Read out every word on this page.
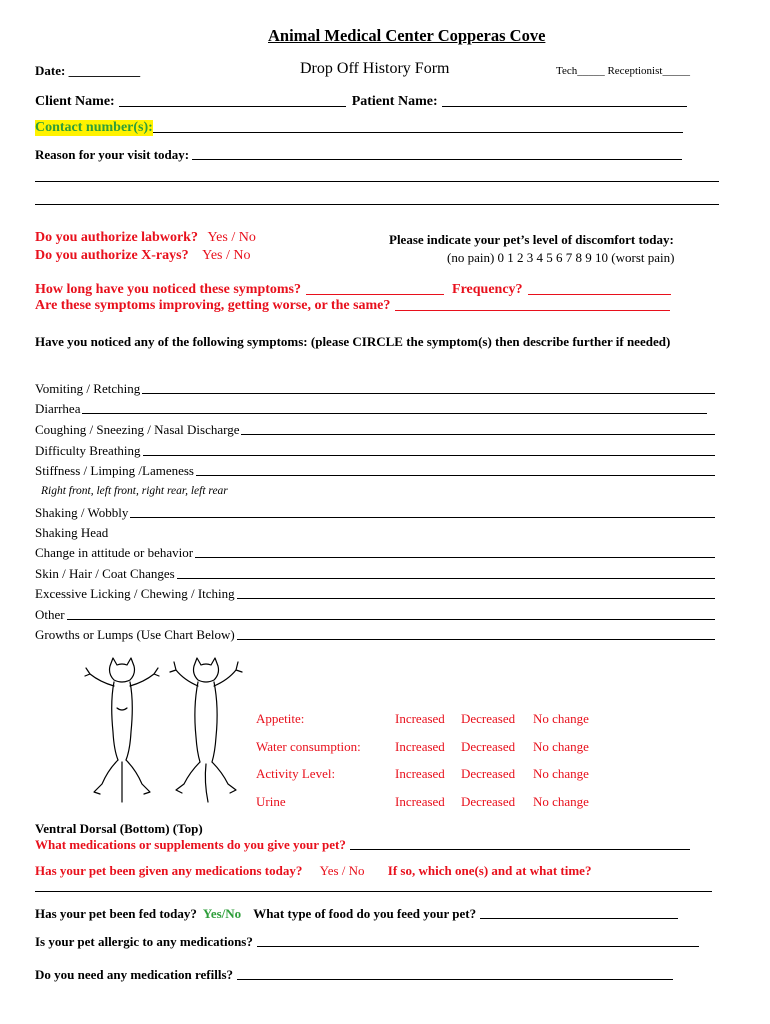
Animal Medical Center Copperas Cove
Date: ___________	Drop Off History Form	Tech_____ Receptionist_____
Client Name:	Patient Name:
Contact number(s):
Reason for your visit today:
Do you authorize labwork? Yes / No
Do you authorize X-rays? Yes / No
Please indicate your pet’s level of discomfort today:
(no pain) 0 1 2 3 4 5 6 7 8 9 10 (worst pain)
How long have you noticed these symptoms?	Frequency?
Are these symptoms improving, getting worse, or the same?
Have you noticed any of the following symptoms: (please CIRCLE the symptom(s) then describe further if needed)
Vomiting / Retching
Diarrhea
Coughing / Sneezing / Nasal Discharge
Difficulty Breathing
Stiffness / Limping /Lameness
Right front, left front, right rear, left rear
Shaking / Wobbly
Shaking Head
Change in attitude or behavior
Skin / Hair / Coat Changes
Excessive Licking / Chewing / Itching
Other
Growths or Lumps (Use Chart Below)
Appetite:	Increased Decreased No change
Water consumption:	Increased Decreased No change
Activity Level:	Increased Decreased No change
Urine	Increased Decreased No change
Ventral Dorsal (Bottom) (Top)
What medications or supplements do you give your pet?
Has your pet been given any medications today? Yes / No If so, which one(s) and at what time?
Has your pet been fed today? Yes/No What type of food do you feed your pet?
Is your pet allergic to any medications?
Do you need any medication refills?
